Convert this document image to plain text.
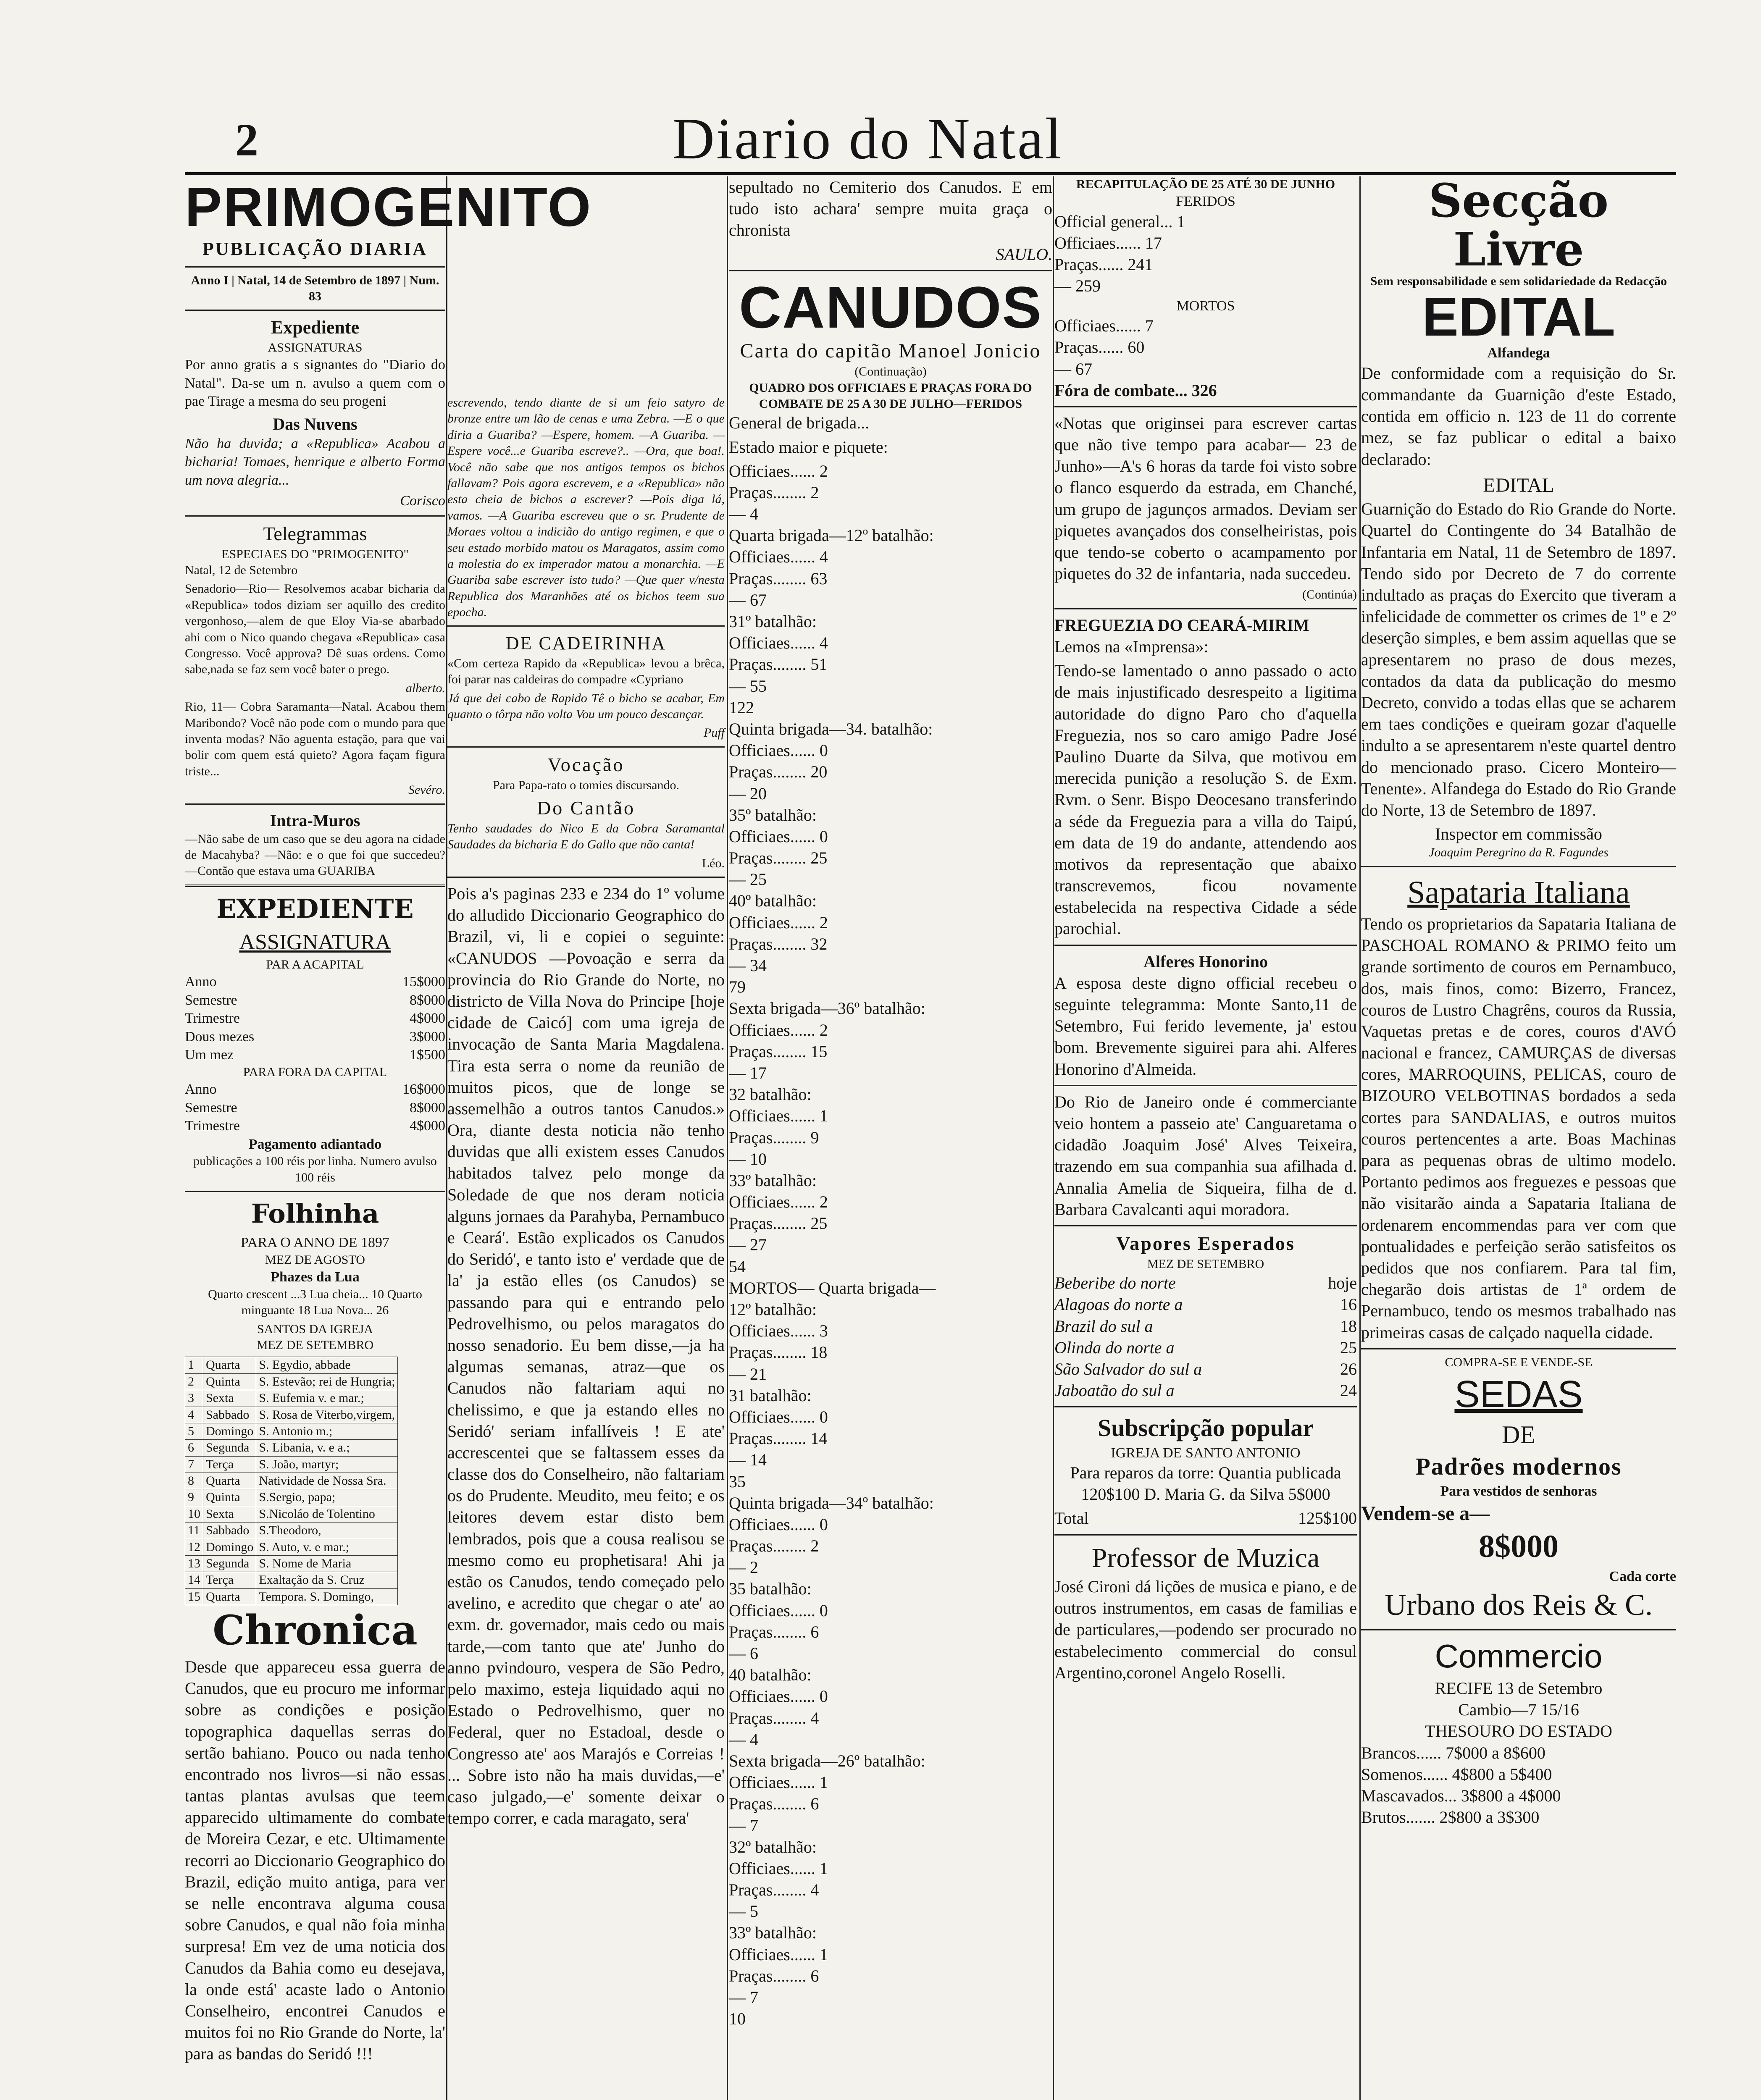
2	Diario do Natal
PRIMOGENITO
PUBLICAÇÃO DIARIA
Anno I | Natal, 14 de Setembro de 1897 | Num. 83
Expediente
ASSIGNATURAS

Por anno gratis a s signantes do "Diario do Natal". Da-se um n. avulso a quem com o pae Tirage a mesma do seu progeni

Das Nuvens

Não ha duvida; a «Republica» Acabou a bicharia! Tomaes, henrique e alberto Forma um nova alegria...

Corisco

Telegrammas
ESPECIAES DO "PRIMOGENITO"

Natal, 12 de Setembro

Senadorio—Rio— Resolvemos acabar bicharia da «Republica» todos diziam ser aquillo des credito vergonhoso,—alem de que Eloy Via-se abarbado ahi com o Nico quando chegava «Republica» casa Congresso. Você approva? Dê suas ordens. Como sabe,nada se faz sem você bater o prego.

alberto.

Rio, 11— Cobra Saramanta—Natal. Acabou them Maribondo? Você não pode com o mundo para que inventa modas? Não aguenta estação, para que vai bolir com quem está quieto? Agora façam figura triste...

Sevéro.

Intra-Muros

—Não sabe de um caso que se deu agora na cidade de Macahyba? —Não: e o que foi que succedeu? —Contão que estava uma GUARIBA

EXPEDIENTE
ASSIGNATURA
PAR A ACAPITAL
Anno	15$000
Semestre	8$000
Trimestre	4$000
Dous mezes	3$000
Um mez	1$500
PARA FORA DA CAPITAL
Anno	16$000
Semestre	8$000
Trimestre	4$000
Pagamento adiantado
publicações a 100 réis por linha. Numero avulso 100 réis
Folhinha
PARA O ANNO DE 1897
MEZ DE AGOSTO
Phazes da Lua

Quarto crescent ...3 Lua cheia... 10 Quarto minguante 18 Lua Nova... 26

SANTOS DA IGREJA
MEZ DE SETEMBRO
1	Quarta	S. Egydio, abbade
2	Quinta	S. Estevão; rei de Hungria;
3	Sexta	S. Eufemia v. e mar.;
4	Sabbado	S. Rosa de Viterbo,virgem,
5	Domingo	S. Antonio m.;
6	Segunda	S. Libania, v. e a.;
7	Terça	S. João, martyr;
8	Quarta	Natividade de Nossa Sra.
9	Quinta	S.Sergio, papa;
10	Sexta	S.Nicoláo de Tolentino
11	Sabbado	S.Theodoro,
12	Domingo	S. Auto, v. e mar.;
13	Segunda	S. Nome de Maria
14	Terça	Exaltação da S. Cruz
15	Quarta	Tempora. S. Domingo,
Chronica

Desde que appareceu essa guerra de Canudos, que eu procuro me informar sobre as condições e posição topographica daquellas serras do sertão bahiano. Pouco ou nada tenho encontrado nos livros—si não essas tantas plantas avulsas que teem apparecido ultimamente do combate de Moreira Cezar, e etc. Ultimamente recorri ao Diccionario Geographico do Brazil, edição muito antiga, para ver se nelle encontrava alguma cousa sobre Canudos, e qual não foia minha surpresa! Em vez de uma noticia dos Canudos da Bahia como eu desejava, la onde está' acaste lado o Antonio Conselheiro, encontrei Canudos e muitos foi no Rio Grande do Norte, la' para as bandas do Seridó !!!

escrevendo, tendo diante de si um feio satyro de bronze entre um lão de cenas e uma Zebra. —E o que diria a Guariba? —Espere, homem. —A Guariba. —Espere você...e Guariba escreve?.. —Ora, que boa!. Você não sabe que nos antigos tempos os bichos fallavam? Pois agora escrevem, e a «Republica» não esta cheia de bichos a escrever? —Pois diga lá, vamos. —A Guariba escreveu que o sr. Prudente de Moraes voltou a indicião do antigo regimen, e que o seu estado morbido matou os Maragatos, assim como a molestia do ex imperador matou a monarchia. —E Guariba sabe escrever isto tudo? —Que quer v/nesta Republica dos Maranhões até os bichos teem sua epocha.

DE CADEIRINHA

«Com certeza Rapido da «Republica» levou a brêca, foi parar nas caldeiras do compadre «Cypriano

Já que dei cabo de Rapido Tê o bicho se acabar, Em quanto o tôrpa não volta Vou um pouco descançar.

Puff

Vocação

Para Papa-rato o tomies discursando.

Do Cantão

Tenho saudades do Nico E da Cobra Saramantal Saudades da bicharia E do Gallo que não canta!

Léo.

Pois a's paginas 233 e 234 do 1º volume do alludido Diccionario Geographico do Brazil, vi, li e copiei o seguinte: «CANUDOS —Povoação e serra da provincia do Rio Grande do Norte, no districto de Villa Nova do Principe [hoje cidade de Caicó] com uma igreja de invocação de Santa Maria Magdalena. Tira esta serra o nome da reunião de muitos picos, que de longe se assemelhão a outros tantos Canudos.» Ora, diante desta noticia não tenho duvidas que alli existem esses Canudos habitados talvez pelo monge da Soledade de que nos deram noticia alguns jornaes da Parahyba, Pernambuco e Ceará'. Estão explicados os Canudos do Seridó', e tanto isto e' verdade que de la' ja estão elles (os Canudos) se passando para qui e entrando pelo Pedrovelhismo, ou pelos maragatos do nosso senadorio. Eu bem disse,—ja ha algumas semanas, atraz—que os Canudos não faltariam aqui no chelissimo, e que ja estando elles no Seridó' seriam infallíveis ! E ate' accrescentei que se faltassem esses da classe dos do Conselheiro, não faltariam os do Prudente. Meudito, meu feito; e os leitores devem estar disto bem lembrados, pois que a cousa realisou se mesmo como eu prophetisara! Ahi ja estão os Canudos, tendo começado pelo avelino, e acredito que chegar o ate' ao exm. dr. governador, mais cedo ou mais tarde,—com tanto que ate' Junho do anno pvindouro, vespera de São Pedro, pelo maximo, esteja liquidado aqui no Estado o Pedrovelhismo, quer no Federal, quer no Estadoal, desde o Congresso ate' aos Marajós e Correias ! ... Sobre isto não ha mais duvidas,—e' caso julgado,—e' somente deixar o tempo correr, e cada maragato, sera'

sepultado no Cemiterio dos Canudos. E em tudo isto achara' sempre muita graça o chronista

SAULO.

CANUDOS
Carta do capitão Manoel Jonicio
(Continuação)
QUADRO DOS OFFICIAES E PRAÇAS FORA DO COMBATE DE 25 A 30 DE JULHO—FERIDOS

General de brigada...

Estado maior e piquete:

Officiaes...... 2
Praças........ 2
— 4
Quarta brigada—12º batalhão:
Officiaes...... 4
Praças........ 63
— 67
31º batalhão:
Officiaes...... 4
Praças........ 51
— 55
122
Quinta brigada—34. batalhão:
Officiaes...... 0
Praças........ 20
— 20
35º batalhão:
Officiaes...... 0
Praças........ 25
— 25
40º batalhão:
Officiaes...... 2
Praças........ 32
— 34
79
Sexta brigada—36º batalhão:
Officiaes...... 2
Praças........ 15
— 17
32 batalhão:
Officiaes...... 1
Praças........ 9
— 10
33º batalhão:
Officiaes...... 2
Praças........ 25
— 27
54
MORTOS— Quarta brigada—
12º batalhão:
Officiaes...... 3
Praças........ 18
— 21
31 batalhão:
Officiaes...... 0
Praças........ 14
— 14
35
Quinta brigada—34º batalhão:
Officiaes...... 0
Praças........ 2
— 2
35 batalhão:
Officiaes...... 0
Praças........ 6
— 6
40 batalhão:
Officiaes...... 0
Praças........ 4
— 4
Sexta brigada—26º batalhão:
Officiaes...... 1
Praças........ 6
— 7
32º batalhão:
Officiaes...... 1
Praças........ 4
— 5
33º batalhão:
Officiaes...... 1
Praças........ 6
— 7
10
RECAPITULAÇÃO DE 25 ATÉ 30 DE JUNHO
FERIDOS
Official general... 1
Officiaes...... 17
Praças...... 241
— 259
MORTOS
Officiaes...... 7
Praças...... 60
— 67

Fóra de combate... 326

«Notas que originsei para escrever cartas que não tive tempo para acabar— 23 de Junho»—A's 6 horas da tarde foi visto sobre o flanco esquerdo da estrada, em Chanché, um grupo de jagunços armados. Deviam ser piquetes avançados dos conselheiristas, pois que tendo-se coberto o acampamento por piquetes do 32 de infantaria, nada succedeu.

(Continúa)

FREGUEZIA DO CEARÁ-MIRIM

Lemos na «Imprensa»:

Tendo-se lamentado o anno passado o acto de mais injustificado desrespeito a ligitima autoridade do digno Paro cho d'aquella Freguezia, nos so caro amigo Padre José Paulino Duarte da Silva, que motivou em merecida punição a resolução S. de Exm. Rvm. o Senr. Bispo Deocesano transferindo a séde da Freguezia para a villa do Taipú, em data de 19 do andante, attendendo aos motivos da representação que abaixo transcrevemos, ficou novamente estabelecida na respectiva Cidade a séde parochial.

Alferes Honorino

A esposa deste digno official recebeu o seguinte telegramma: Monte Santo,11 de Setembro, Fui ferido levemente, ja' estou bom. Brevemente siguirei para ahi. Alferes Honorino d'Almeida.

Do Rio de Janeiro onde é commerciante veio hontem a passeio ate' Canguaretama o cidadão Joaquim José' Alves Teixeira, trazendo em sua companhia sua afilhada d. Annalia Amelia de Siqueira, filha de d. Barbara Cavalcanti aqui moradora.

Vapores Esperados
MEZ DE SETEMBRO
Beberibe do norte	hoje
Alagoas do norte a	16
Brazil do sul a	18
Olinda do norte a	25
São Salvador do sul a	26
Jaboatão do sul a	24
Subscripção popular
IGREJA DE SANTO ANTONIO

Para reparos da torre: Quantia publicada 120$100 D. Maria G. da Silva 5$000

Total	125$100
Professor de Muzica

José Cironi dá lições de musica e piano, e de outros instrumentos, em casas de familias e de particulares,—podendo ser procurado no estabelecimento commercial do consul Argentino,coronel Angelo Roselli.

Secção Livre
Sem responsabilidade e sem solidariedade da Redacção
EDITAL
Alfandega

De conformidade com a requisição do Sr. commandante da Guarnição d'este Estado, contida em officio n. 123 de 11 do corrente mez, se faz publicar o edital a baixo declarado:

EDITAL

Guarnição do Estado do Rio Grande do Norte. Quartel do Contingente do 34 Batalhão de Infantaria em Natal, 11 de Setembro de 1897. Tendo sido por Decreto de 7 do corrente indultado as praças do Exercito que tiveram a infelicidade de commetter os crimes de 1º e 2º deserção simples, e bem assim aquellas que se apresentarem no praso de dous mezes, contados da data da publicação do mesmo Decreto, convido a todas ellas que se acharem em taes condições e queiram gozar d'aquelle indulto a se apresentarem n'este quartel dentro do mencionado praso. Cicero Monteiro—Tenente». Alfandega do Estado do Rio Grande do Norte, 13 de Setembro de 1897.

Inspector em commissão
Joaquim Peregrino da R. Fagundes
Sapataria Italiana

Tendo os proprietarios da Sapataria Italiana de PASCHOAL ROMANO & PRIMO feito um grande sortimento de couros em Pernambuco, dos, mais finos, como: Bizerro, Francez, couros de Lustro Chagrêns, couros da Russia, Vaquetas pretas e de cores, couros d'AVÓ nacional e francez, CAMURÇAS de diversas cores, MARROQUINS, PELICAS, couro de BIZOURO VELBOTINAS bordados a seda cortes para SANDALIAS, e outros muitos couros pertencentes a arte. Boas Machinas para as pequenas obras de ultimo modelo. Portanto pedimos aos freguezes e pessoas que não visitarão ainda a Sapataria Italiana de ordenarem encommendas para ver com que pontualidades e perfeição serão satisfeitos os pedidos que nos confiarem. Para tal fim, chegarão dois artistas de 1ª ordem de Pernambuco, tendo os mesmos trabalhado nas primeiras casas de calçado naquella cidade.

COMPRA-SE E VENDE-SE
SEDAS
DE
Padrões modernos
Para vestidos de senhoras
Vendem-se a—
8$000
Cada corte
Urbano dos Reis & C.
Commercio
RECIFE 13 de Setembro
Cambio—7 15/16
THESOURO DO ESTADO
Brancos...... 7$000 a 8$600
Somenos...... 4$800 a 5$400
Mascavados... 3$800 a 4$000
Brutos....... 2$800 a 3$300
